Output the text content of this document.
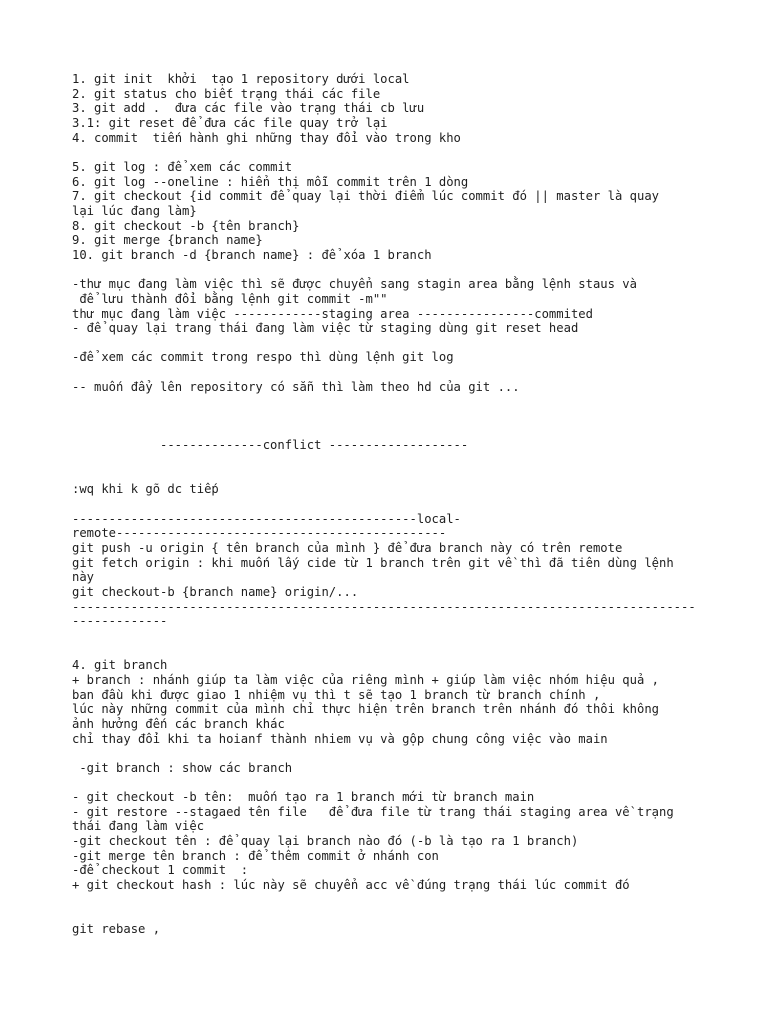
1. git init  khởi  tạo 1 repository dưới local
2. git status cho biết trạng thái các file
3. git add .  đưa các file vào trạng thái cb lưu
3.1: git reset để đưa các file quay trở lại
4. commit  tiến hành ghi những thay đổi vào trong kho
5. git log : để xem các commit
6. git log --oneline : hiển thị mỗi commit trên 1 dòng
7. git checkout {id commit để quay lại thời điểm lúc commit đó || master là quay
lại lúc đang làm}
8. git checkout -b {tên branch}
9. git merge {branch name}
10. git branch -d {branch name} : để xóa 1 branch
-thư mục đang làm việc thì sẽ được chuyển sang stagin area bằng lệnh staus và
để lưu thành đổi bằng lệnh git commit -m""
thư mục đang làm việc ------------staging area ----------------commited
- để quay lại trang thái đang làm việc từ staging dùng git reset head
-để xem các commit trong respo thì dùng lệnh git log
-- muốn đẩy lên repository có sẵn thì làm theo hd của git ...
--------------conflict -------------------
:wq khi k gõ dc tiếp
-----------------------------------------------local-
remote---------------------------------------------
git push -u origin { tên branch của mình } để đưa branch này có trên remote
git fetch origin : khi muốn lấy cide từ 1 branch trên git về thì đã tiên dùng lệnh
này
git checkout-b {branch name} origin/...
-------------------------------------------------------------------------------------
-------------
4. git branch
+ branch : nhánh giúp ta làm việc của riêng mình + giúp làm việc nhóm hiệu quả ,
ban đầu khi được giao 1 nhiệm vụ thì t sẽ tạo 1 branch từ branch chính ,
lúc này những commit của mình chỉ thực hiện trên branch trên nhánh đó thôi không
ảnh hưởng đến các branch khác
chỉ thay đổi khi ta hoianf thành nhiem vụ và gộp chung công việc vào main
-git branch : show các branch
- git checkout -b tên:  muốn tạo ra 1 branch mới từ branch main
- git restore --stagaed tên file   để đưa file từ trang thái staging area về trạng
thái đang làm việc
-git checkout tên : để quay lại branch nào đó (-b là tạo ra 1 branch)
-git merge tên branch : để thêm commit ở nhánh con
-để checkout 1 commit  :
+ git checkout hash : lúc này sẽ chuyển acc về đúng trạng thái lúc commit đó
git rebase ,
